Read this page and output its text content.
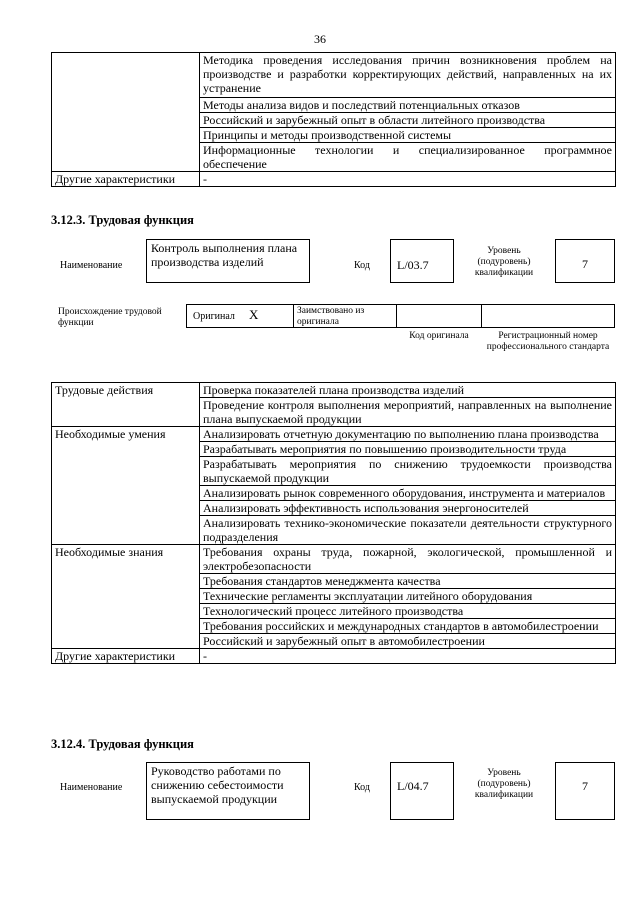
36
	Методика проведения исследования причин возникновения проблем на производстве и разработки корректирующих действий, направленных на их устранение
	Методы анализа видов и последствий потенциальных отказов
	Российский и зарубежный опыт в области литейного производства
	Принципы и методы производственной системы
	Информационные технологии и специализированное программное обеспечение
Другие характеристики	-
3.12.3. Трудовая функция
Наименование
Контроль выполнения плана производства изделий	Код	L/03.7
Уровень (подуровень) квалификации
7
Происхождение трудовой функции
Оригинал X	Заимствовано из оригинала
Код оригинала	Регистрационный номер профессионального стандарта
Трудовые действия	Проверка показателей плана производства изделий
	Проведение контроля выполнения мероприятий, направленных на выполнение плана выпускаемой продукции
Необходимые умения	Анализировать отчетную документацию по выполнению плана производства
	Разрабатывать мероприятия по повышению производительности труда
	Разрабатывать мероприятия по снижению трудоемкости производства выпускаемой продукции
	Анализировать рынок современного оборудования, инструмента и материалов
	Анализировать эффективность использования энергоносителей
	Анализировать технико-экономические показатели деятельности структурного подразделения
Необходимые знания	Требования охраны труда, пожарной, экологической, промышленной и электробезопасности
	Требования стандартов менеджмента качества
	Технические регламенты эксплуатации литейного оборудования
	Технологический процесс литейного производства
	Требования российских и международных стандартов в автомобилестроении
	Российский и зарубежный опыт в автомобилестроении
Другие характеристики	-
3.12.4. Трудовая функция
Наименование
Руководство работами по снижению себестоимости выпускаемой продукции
Код	L/04.7
Уровень (подуровень) квалификации
7
